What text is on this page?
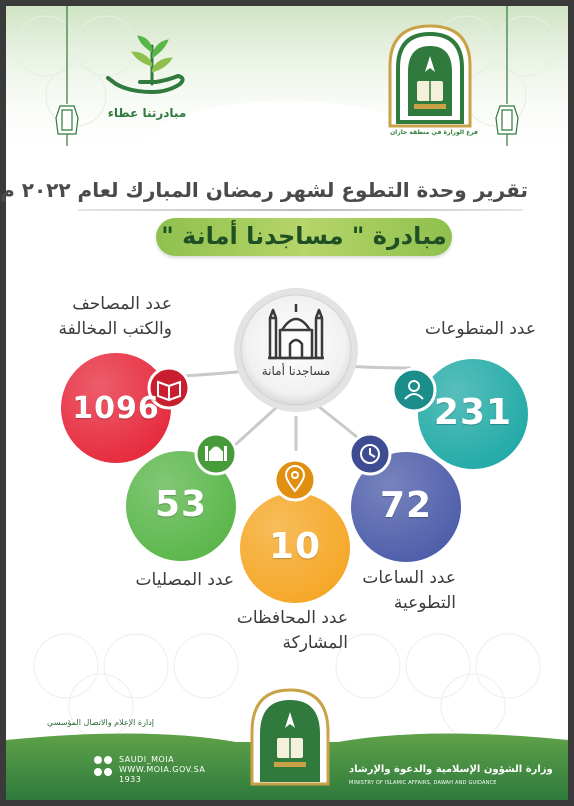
فرع الوزارة في منطقة جازان
مبادرتنا عطاء
تقرير وحدة التطوع لشهر رمضان المبارك لعام ٢٠٢٢ م
مبادرة " مساجدنا أمانة "
مساجدنا أمانة
231
72
10
53
1096
عدد المتطوعات
عدد الساعات
التطوعية
عدد المحافظات
المشاركة
عدد المصليات
عدد المصاحف
والكتب المخالفة
إدارة الإعلام والاتصال المؤسسي
وزارة الشؤون الإسلامية والدعوة والإرشاد
MINISTRY OF ISLAMIC AFFAIRS, DAWAH AND GUIDANCE
SAUDI_MOIA
WWW.MOIA.GOV.SA
1933
